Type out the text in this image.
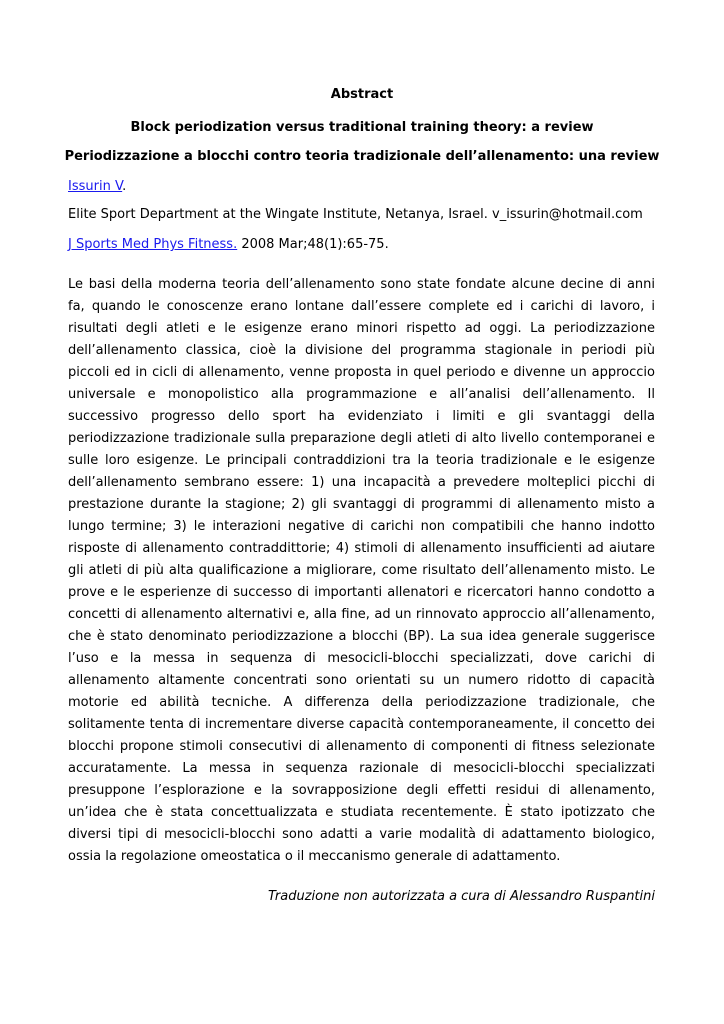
Abstract
Block periodization versus traditional training theory: a review
Periodizzazione a blocchi contro teoria tradizionale dell’allenamento: una review
Issurin V.
Elite Sport Department at the Wingate Institute, Netanya, Israel. v_issurin@hotmail.com
J Sports Med Phys Fitness. 2008 Mar;48(1):65-75.

Le basi della moderna teoria dell’allenamento sono state fondate alcune decine di anni fa, quando le conoscenze erano lontane dall’essere complete ed i carichi di lavoro, i risultati degli atleti e le esigenze erano minori rispetto ad oggi. La periodizzazione dell’allenamento classica, cioè la divisione del programma stagionale in periodi più piccoli ed in cicli di allenamento, venne proposta in quel periodo e divenne un approccio universale e monopolistico alla programmazione e all’analisi dell’allenamento. Il successivo progresso dello sport ha evidenziato i limiti e gli svantaggi della periodizzazione tradizionale sulla preparazione degli atleti di alto livello contemporanei e sulle loro esigenze. Le principali contraddizioni tra la teoria tradizionale e le esigenze dell’allenamento sembrano essere: 1) una incapacità a prevedere molteplici picchi di prestazione durante la stagione; 2) gli svantaggi di programmi di allenamento misto a lungo termine; 3) le interazioni negative di carichi non compatibili che hanno indotto risposte di allenamento contraddittorie; 4) stimoli di allenamento insufficienti ad aiutare gli atleti di più alta qualificazione a migliorare, come risultato dell’allenamento misto. Le prove e le esperienze di successo di importanti allenatori e ricercatori hanno condotto a concetti di allenamento alternativi e, alla fine, ad un rinnovato approccio all’allenamento, che è stato denominato periodizzazione a blocchi (BP). La sua idea generale suggerisce l’uso e la messa in sequenza di mesocicli-blocchi specializzati, dove carichi di allenamento altamente concentrati sono orientati su un numero ridotto di capacità motorie ed abilità tecniche. A differenza della periodizzazione tradizionale, che solitamente tenta di incrementare diverse capacità contemporaneamente, il concetto dei blocchi propone stimoli consecutivi di allenamento di componenti di fitness selezionate accuratamente. La messa in sequenza razionale di mesocicli-blocchi specializzati presuppone l’esplorazione e la sovrapposizione degli effetti residui di allenamento, un’idea che è stata concettualizzata e studiata recentemente. È stato ipotizzato che diversi tipi di mesocicli-blocchi sono adatti a varie modalità di adattamento biologico, ossia la regolazione omeostatica o il meccanismo generale di adattamento.

Traduzione non autorizzata a cura di Alessandro Ruspantini
